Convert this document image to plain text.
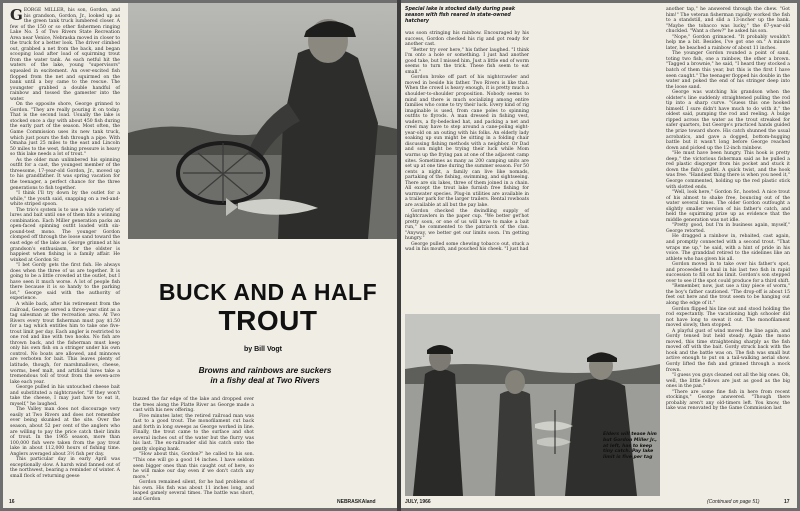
GEORGE MILLER, his son, Gordon, and his grandson, Gordon, Jr., looked up as the green tank truck lumbered closer. A few of the 150 or so other fishermen ringing Lake No. 5 of Two Rivers State Recreation Area near Venice, Nebraska moved in closer to the truck for a better look. The driver climbed out, grabbed a net from the back, and began scooping load after load of squirming trout from the water tank. As each netful hit the waters of the lake, young "supervisors" squealed in excitement. An over-excited fish flopped from the net and squirmed on the bank until a boy came to the rescue. The youngster grabbed a double handful of rainbow and tossed the gamester into the water.

On the opposite shore, George grinned to Gordon. "They are really pouring it on today. That is the second load. Usually the lake is stocked once a day with about 450 fish during the early part of the season. Most often, the Game Commission uses its new tank truck, which just pours the fish through a pipe. With Omaha just 25 miles to the east and Lincoln 50 miles to the west, fishing pressure is heavy so this lake needs a lot of trout."

As the older man unlimbered his spinning outfit for a cast, the youngest member of the threesome, 17-year-old Gordon, Jr., moved up to his grandfather. It was spring vacation for the teenager, a perfect chance for the three generations to fish together.

"I think I'll try down by the outlet for a while," the youth said, snapping on a red-and-white striped spoon.

The trio's system is to use a wide variety of lures and bait until one of them hits a winning combination. Each Miller generation packs an open-faced spinning outfit loaded with six-pound-test mono. The younger Gordon clomped off through the loose sand toward the east edge of the lake as George grinned at his grandson's enthusiasm, for the oldster is happiest when fishing is a family affair. He winked at Gordon Sr.

"I bet Gordy gets the first fish. He always does when the three of us are together. It is going to be a little crowded at the outlet, but I have seen it much worse. A lot of people fish there because it is so handy to the parking lot," George said with the authority of experience.

A while back, after his retirement from the railroad, George served a three-year stint as a tag salesman at the recreation area. At Two Rivers every trout fisherman must pay $1.50 for a tag which entitles him to take one five-trout limit per day. Each angler is restricted to one rod and line with two hooks. No fish are thrown back, and the fisherman must keep only his own fish on a stringer under his own control. No boats are allowed, and minnows are verboten for bait. This leaves plenty of latitude, though, for marshmallows, cheese, worms, beef malt, and artificial lures take a tremendous toll of trout from the seven-acre lake each year.

George pulled in his untouched cheese bait and substituted a nightcrawler. "If they won't take the cheese, I may just have to eat it, myself," he laughed.

The Valley man does not discourage very easily at Two Rivers and does not remember ever being skunked at the site. Over the season, about 52 per cent of the anglers who are willing to pay the price catch their limits of trout. In the 1965 season, more than 100,000 fish were taken from the pay trout lake in about 112,000 hours of fishing time. Anglers averaged about 3½ fish per day.

This particular day in early April was exceptionally slow. A harsh wind fanned out of the northwest, bearing a reminder of winter. A small flock of returning geese

BUCK AND A HALF
TROUT
by Bill Vogt
Browns and rainbows are suckers
in a fishy deal at Two Rivers

buzzed the far edge of the lake and dropped over the trees along the Platte River as George made a cast with his new offering.

Five minutes later, the retired railroad man was fast to a good trout. The monofilament cut back and forth in long sweeps as George worked in line. Finally, the trout came to the surface and shot several inches out of the water but the flurry was his last. The ex-railroader slid his catch onto the gently sloping bank.

"How about this, Gordon?" he called to his son. "This one will go a good 14 inches. I have seldom seen bigger ones than this caught out of here, so he will make our day even if we don't catch any more."

Gordon remained silent, for he had problems of his own. His fish was about 11 inches long, and leaped gamely several times. The battle was short, and Gordon

16	NEBRASKAland
Special lake is stocked daily during peak season with fish reared in state-owned hatchery

was soon stringing his rainbow. Encouraged by his success, Gordon checked his rig and got ready for another cast.

"Better try over here," his father laughed. "I think I'm onto a hole or something. I just had another good take, but I missed him. Just a little end of worm seems to turn the trick. These fish seem to eat small."

Gordon broke off part of his nightcrawler and moved in beside his father. Two Rivers is like that. When the crowd is heavy enough, it is pretty much a shoulder-to-shoulder proposition. Nobody seems to mind and there is much socializing among entire families who come to try their luck. Every kind of rig imaginable is used, from cane poles to spinning outfits to flyrods. A man dressed in fishing vest, waders, a fly-bedecked hat, and packing a net and creel may have to step around a cane-poling eight-year-old on an outing with his folks. An elderly lady soaking up sun might be sitting in a folding chair discussing fishing methods with a neighbor. Or Dad and son might be trying their luck while Mom warms up the frying pan at one of the adjacent camp sites. Sometimes as many as 200 camping units are set up at one time during the summer season. For 50 cents a night, a family can live like nomads, partaking of the fishing, swimming, and sightseeing. There are six lakes, three of them joined in a chain. All except the trout lake furnish free fishing for warmwater species. Plug-in utilities are available in a trailer park for the larger trailers. Rental rowboats are available at all but the pay lake.

Gordon checked the dwindling supply of nightcrawlers in the paper cup. "We better get'hot pretty soon, or one of us will have to make a bait run," he commented to the patriarch of the clan. "Anyway, we better get our limits soon. I'm getting hungry."

George pulled some chewing tobacco out, stuck a wad in his mouth, and pouched his cheek. "I just had

another tap," he answered through the chew. "Got him!" The veteran fisherman rapidly worked the fish to a standstill, and slid a 13-incher up the bank. "Maybe the tobacco was lucky," the 67-year-old chuckled. "Want a chew?" he asked his son.

"Nope," Gordon grimaced. "It probably wouldn't help me a bit. Besides, I've got one on." A minute later, he beached a rainbow of about 11 inches.

The younger Gordon rounded a point of sand, toting two fish, one a rainbow, the other a brown. "Tagged a brownie," he said, "I heard they stocked a batch of them this year, but this is the first I have seen caught." The teenager flopped his double in the water and poked the end of his stringer deep into the loose sand.

George was watching his grandson when the oldster's line suddenly straightened pulling the rod tip into a sharp curve. "Guess this one hooked himself. I sure didn't have much to do with it," the oldest said, pumping the rod and reeling. A bulge ripped across the water as the trout streaked for safer quarters, but George's practiced hands guided the prize toward shore. His catch shunned the usual acrobatics, and gave a dogged, bottom-hugging battle but it wasn't long before George reached down and picked up the 12-inch rainbow.

"He must have been hungry. This hook is pretty deep," the victorious fisherman said as he pulled a red plastic disgorger from his pocket and stuck it down the fish's gullet. A quick twist, and the hook was free. "Handiest thing there is when you need it," George commented, holding up the red plastic stick with slotted ends.

"Well, look here," Gordon Sr., hooted. A nice trout of his almost to shake free, bouncing out of the water several times. The older Gordon outfought a slightly smaller version of his father's catch, and held the squirming prize up as evidence that the middle generation was not idle.

"Pretty good, but I'm in business again, myself," George retorted.

He dragged a rainbow in, rebaited, cast again, and promptly connected with a second trout. "That wraps me up," he said, with a hint of pride in his voice. The granddad retired to the sidelines like an athlete who has given his all.

Gordon moved in to take over his father's spot, and proceeded to haul in his last two fish in rapid succession to fill out his limit. Gordon's son stepped over to see if the spot could produce for a third shift.

"Remember, now, just use a tiny piece of worm," the boy's father cautioned. "The drop-off is about 15 feet out here and the trout seem to be hanging out along the edge of it."

Gordon flipped his line out and stood holding the rod expectantly. The vacationing high schooler did not have long to sweat it out. The monofilament moved slowly, then stopped.

A playful gust of wind moved the line again, and Gordy tensed but held steady. Again the mono moved, this time straightening sharply as the fish moved off with the bait. Gordy struck back with the hook and the battle was on. The fish was small but active enough to put on a tail-walking aerial show. Gordy lifted the fish and grinned through a mock frown.

"I guess you guys cleaned out all the big ones. Oh, well, the little fellows are just as good as the big ones in the pan."

"There are some fine fish in here from recent stockings," George answered. "Though there probably aren't any old-timers left. You know, the lake was renovated by the Game Commission last

Elders will tease him but Gordon Miller Jr., at left, has to keep tiny catch. Pay lake limit is five per tag
JULY, 1966	(Continued on page 51)	17
